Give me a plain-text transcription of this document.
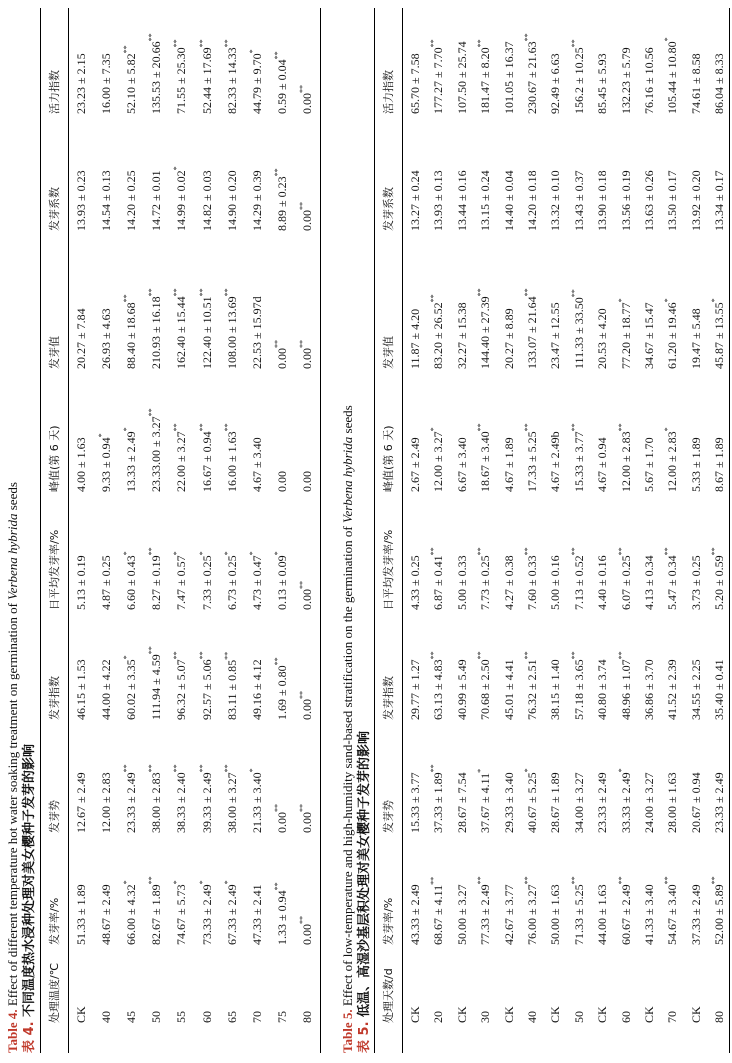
Table 4. Effect of different temperature hot water soaking treatment on germination of Verbena hybrida seeds
表 4. 不同温度热水浸种处理对美女樱种子发芽的影响	处理温度/℃
发芽率/%
发芽势
发芽指数
日平均发芽率/%
峰值(第 6 天)
发芽值
发芽系数
活力指数
CK
51.33 ± 1.89
12.67 ± 2.49
46.15 ± 1.53
5.13 ± 0.19
4.00 ± 1.63
20.27 ± 7.84
13.93 ± 0.23
23.23 ± 2.15
40
48.67 ± 2.49
12.00 ± 2.83
44.00 ± 4.22
4.87 ± 0.25
9.33 ± 0.94*
26.93 ± 4.63
14.54 ± 0.13
16.00 ± 7.35
45
66.00 ± 4.32*
23.33 ± 2.49**
60.02 ± 3.35*
6.60 ± 0.43*
13.33 ± 2.49*
88.40 ± 18.68**
14.20 ± 0.25
52.10 ± 5.82**
50
82.67 ± 1.89**
38.00 ± 2.83**
111.94 ± 4.59**
8.27 ± 0.19**
23.33.00 ± 3.27**
210.93 ± 16.18**
14.72 ± 0.01
135.53 ± 20.66**
55
74.67 ± 5.73*
38.33 ± 2.40**
96.32 ± 5.07**
7.47 ± 0.57*
22.00 ± 3.27**
162.40 ± 15.44**
14.99 ± 0.02*
71.55 ± 25.30**
60
73.33 ± 2.49*
39.33 ± 2.49**
92.57 ± 5.06**
7.33 ± 0.25*
16.67 ± 0.94**
122.40 ± 10.51**
14.82 ± 0.03
52.44 ± 17.69**
65
67.33 ± 2.49*
38.00 ± 3.27**
83.11 ± 0.85**
6.73 ± 0.25*
16.00 ± 1.63**
108.00 ± 13.69**
14.90 ± 0.20
82.33 ± 14.33**
70
47.33 ± 2.41
21.33 ± 3.40*
49.16 ± 4.12
4.73 ± 0.47*
4.67 ± 3.40
22.53 ± 15.97d
14.29 ± 0.39
44.79 ± 9.70*
75
1.33 ± 0.94**
0.00**
1.69 ± 0.80**
0.13 ± 0.09*
0.00
0.00**
8.89 ± 0.23**
0.59 ± 0.04**
80
0.00**
0.00**
0.00**
0.00**
0.00
0.00**
0.00**
0.00**
Table 5. Effect of low-temperature and high-humidity sand-based stratification on the germination of Verbena hybrida seeds
表 5. 低温、高湿沙基层积处理对美女樱种子发芽的影响 处理天数/d
发芽率/%
发芽势
发芽指数
日平均发芽率/%
峰值(第 6 天)
发芽值
发芽系数
活力指数
CK
43.33 ± 2.49
15.33 ± 3.77
29.77 ± 1.27
4.33 ± 0.25
2.67 ± 2.49
11.87 ± 4.20
13.27 ± 0.24
65.70 ± 7.58
20
68.67 ± 4.11**
37.33 ± 1.89**
63.13 ± 4.83**
6.87 ± 0.41**
12.00 ± 3.27*
83.20 ± 26.52**
13.93 ± 0.13
177.27 ± 7.70**
CK
50.00 ± 3.27
28.67 ± 7.54
40.99 ± 5.49
5.00 ± 0.33
6.67 ± 3.40
32.27 ± 15.38
13.44 ± 0.16
107.50 ± 25.74
30
77.33 ± 2.49**
37.67 ± 4.11*
70.68 ± 2.50**
7.73 ± 0.25**
18.67 ± 3.40**
144.40 ± 27.39**
13.15 ± 0.24
181.47 ± 8.20**
CK
42.67 ± 3.77
29.33 ± 3.40
45.01 ± 4.41
4.27 ± 0.38
4.67 ± 1.89
20.27 ± 8.89
14.40 ± 0.04
101.05 ± 16.37
40
76.00 ± 3.27**
40.67 ± 5.25*
76.32 ± 2.51**
7.60 ± 0.33**
17.33 ± 5.25**
133.07 ± 21.64**
14.20 ± 0.18
230.67 ± 21.63**
CK
50.00 ± 1.63
28.67 ± 1.89
38.15 ± 1.40
5.00 ± 0.16
4.67 ± 2.49b
23.47 ± 12.55
13.32 ± 0.10
92.49 ± 6.63
50
71.33 ± 5.25**
34.00 ± 3.27
57.18 ± 3.65**
7.13 ± 0.52**
15.33 ± 3.77**
111.33 ± 33.50**
13.43 ± 0.37
156.2 ± 10.25**
CK
44.00 ± 1.63
23.33 ± 2.49
40.80 ± 3.74
4.40 ± 0.16
4.67 ± 0.94
20.53 ± 4.20
13.90 ± 0.18
85.45 ± 5.93
60
60.67 ± 2.49**
33.33 ± 2.49*
48.96 ± 1.07**
6.07 ± 0.25**
12.00 ± 2.83**
77.20 ± 18.77*
13.56 ± 0.19
132.23 ± 5.79
CK
41.33 ± 3.40
24.00 ± 3.27
36.86 ± 3.70
4.13 ± 0.34
5.67 ± 1.70
34.67 ± 15.47
13.63 ± 0.26
76.16 ± 10.56
70
54.67 ± 3.40**
28.00 ± 1.63
41.52 ± 2.39
5.47 ± 0.34**
12.00 ± 2.83*
61.20 ± 19.46*
13.50 ± 0.17
105.44 ± 10.80*
CK
37.33 ± 2.49
20.67 ± 0.94
34.55 ± 2.25
3.73 ± 0.25
5.33 ± 1.89
19.47 ± 5.48
13.92 ± 0.20
74.61 ± 8.58
80
52.00 ± 5.89**
23.33 ± 2.49
35.40 ± 0.41
5.20 ± 0.59**
8.67 ± 1.89
45.87 ± 13.55*
13.34 ± 0.17
86.04 ± 8.33
